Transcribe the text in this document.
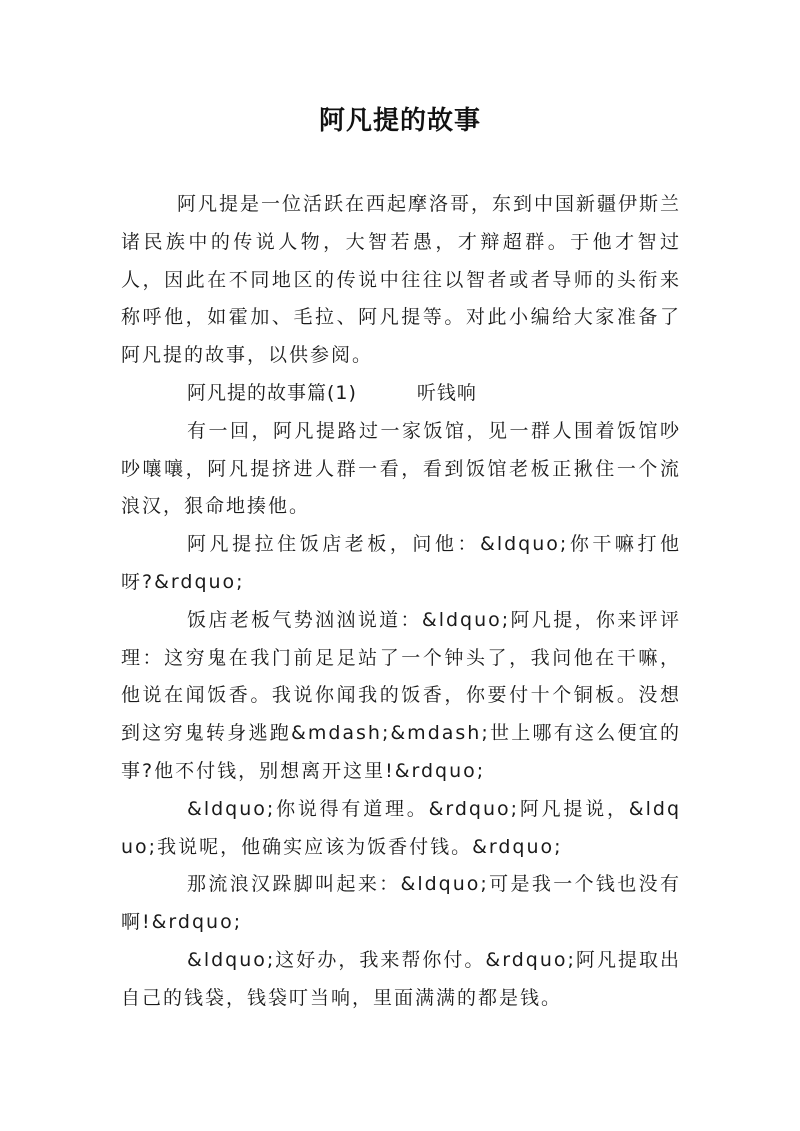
阿凡提的故事

阿凡提是一位活跃在西起摩洛哥，东到中国新疆伊斯兰诸民族中的传说人物，大智若愚，才辩超群。于他才智过人，因此在不同地区的传说中往往以智者或者导师的头衔来称呼他，如霍加、毛拉、阿凡提等。对此小编给大家准备了阿凡提的故事，以供参阅。

阿凡提的故事篇(1)　　　听钱响

有一回，阿凡提路过一家饭馆，见一群人围着饭馆吵吵嚷嚷，阿凡提挤进人群一看，看到饭馆老板正揪住一个流浪汉，狠命地揍他。

阿凡提拉住饭店老板，问他：&ldquo;你干嘛打他呀?&rdquo;

饭店老板气势汹汹说道：&ldquo;阿凡提，你来评评理：这穷鬼在我门前足足站了一个钟头了，我问他在干嘛，他说在闻饭香。我说你闻我的饭香，你要付十个铜板。没想到这穷鬼转身逃跑&mdash;&mdash;世上哪有这么便宜的事?他不付钱，别想离开这里!&rdquo;

&ldquo;你说得有道理。&rdquo;阿凡提说，&ldquo;我说呢，他确实应该为饭香付钱。&rdquo;

那流浪汉跺脚叫起来：&ldquo;可是我一个钱也没有啊!&rdquo;

&ldquo;这好办，我来帮你付。&rdquo;阿凡提取出自己的钱袋，钱袋叮当响，里面满满的都是钱。
